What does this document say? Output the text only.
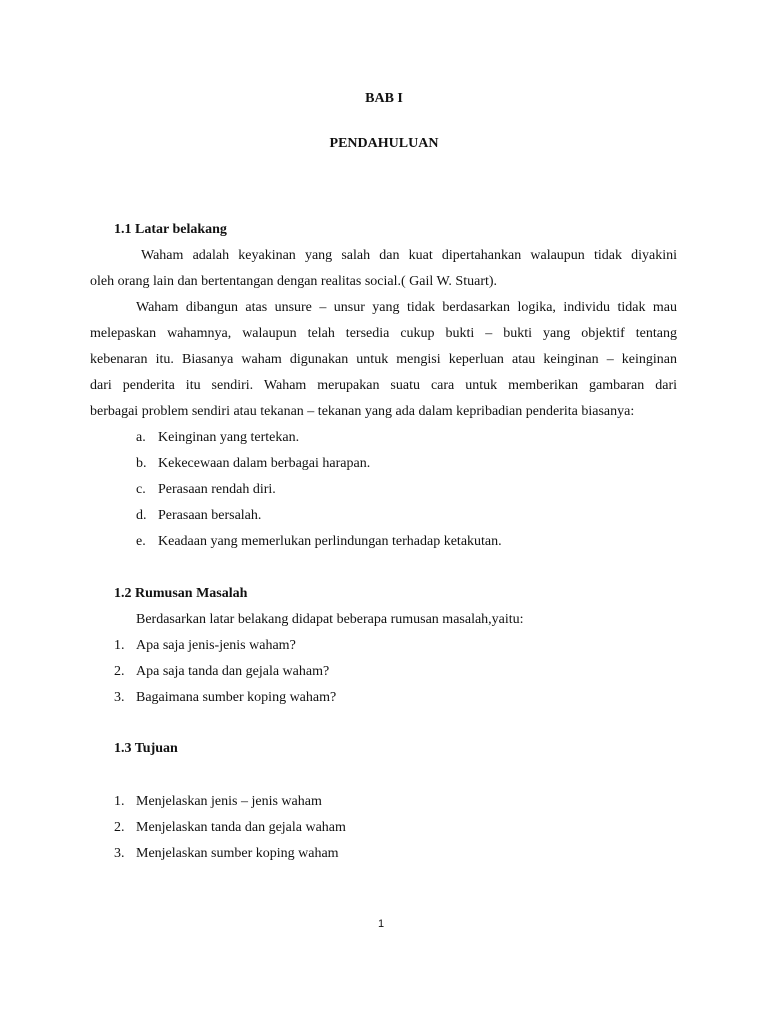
BAB I
PENDAHULUAN
1.1 Latar belakang
Waham adalah keyakinan yang salah dan kuat dipertahankan walaupun tidak diyakini
oleh orang lain dan bertentangan dengan realitas social.( Gail W. Stuart).
Waham dibangun atas unsure – unsur yang tidak berdasarkan logika, individu tidak mau
melepaskan wahamnya, walaupun telah tersedia cukup bukti – bukti yang objektif tentang
kebenaran itu. Biasanya waham digunakan untuk mengisi keperluan atau keinginan – keinginan
dari penderita itu sendiri. Waham merupakan suatu cara untuk memberikan gambaran dari
berbagai problem sendiri atau tekanan – tekanan yang ada dalam kepribadian penderita biasanya:
a. Keinginan yang tertekan.
b. Kekecewaan dalam berbagai harapan.
c. Perasaan rendah diri.
d. Perasaan bersalah.
e. Keadaan yang memerlukan perlindungan terhadap ketakutan.
1.2 Rumusan Masalah
Berdasarkan latar belakang didapat beberapa rumusan masalah,yaitu:
1. Apa saja jenis-jenis waham?
2. Apa saja tanda dan gejala waham?
3. Bagaimana sumber koping waham?
1.3 Tujuan
1. Menjelaskan jenis – jenis waham
2. Menjelaskan tanda dan gejala waham
3. Menjelaskan sumber koping waham
1
